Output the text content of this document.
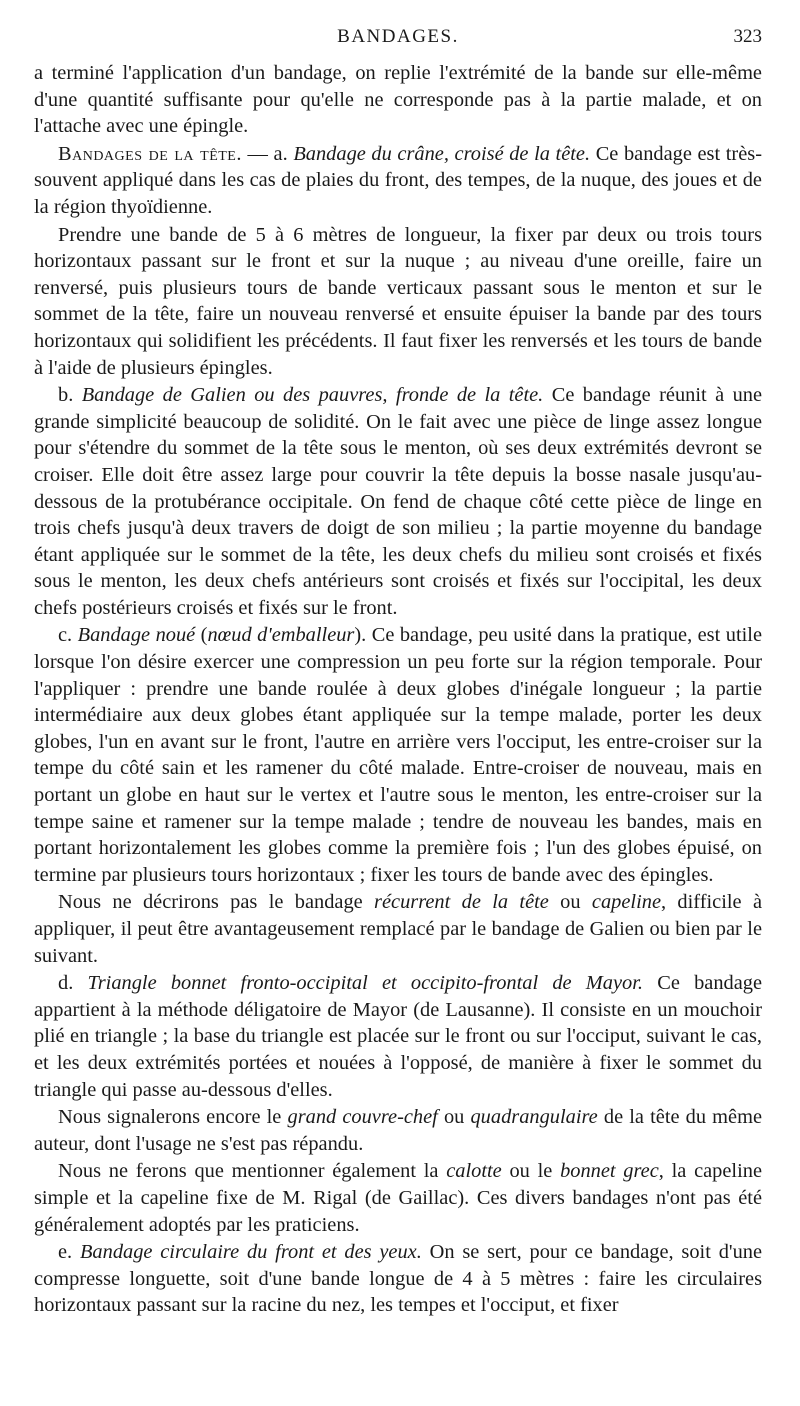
BANDAGES.	323

a terminé l'application d'un bandage, on replie l'extrémité de la bande sur elle-même d'une quantité suffisante pour qu'elle ne corresponde pas à la partie malade, et on l'attache avec une épingle.

Bandages de la tête. — a. Bandage du crâne, croisé de la tête. Ce bandage est très-souvent appliqué dans les cas de plaies du front, des tempes, de la nuque, des joues et de la région thyoïdienne.

Prendre une bande de 5 à 6 mètres de longueur, la fixer par deux ou trois tours horizontaux passant sur le front et sur la nuque ; au niveau d'une oreille, faire un renversé, puis plusieurs tours de bande verticaux passant sous le menton et sur le sommet de la tête, faire un nouveau renversé et ensuite épuiser la bande par des tours horizontaux qui solidifient les précédents. Il faut fixer les renversés et les tours de bande à l'aide de plusieurs épingles.

b. Bandage de Galien ou des pauvres, fronde de la tête. Ce bandage réunit à une grande simplicité beaucoup de solidité. On le fait avec une pièce de linge assez longue pour s'étendre du sommet de la tête sous le menton, où ses deux extrémités devront se croiser. Elle doit être assez large pour couvrir la tête depuis la bosse nasale jusqu'au-dessous de la protubérance occipitale. On fend de chaque côté cette pièce de linge en trois chefs jusqu'à deux travers de doigt de son milieu ; la partie moyenne du bandage étant appliquée sur le sommet de la tête, les deux chefs du milieu sont croisés et fixés sous le menton, les deux chefs antérieurs sont croisés et fixés sur l'occipital, les deux chefs postérieurs croisés et fixés sur le front.

c. Bandage noué (nœud d'emballeur). Ce bandage, peu usité dans la pratique, est utile lorsque l'on désire exercer une compression un peu forte sur la région temporale. Pour l'appliquer : prendre une bande roulée à deux globes d'inégale longueur ; la partie intermédiaire aux deux globes étant appliquée sur la tempe malade, porter les deux globes, l'un en avant sur le front, l'autre en arrière vers l'occiput, les entre-croiser sur la tempe du côté sain et les ramener du côté malade. Entre-croiser de nouveau, mais en portant un globe en haut sur le vertex et l'autre sous le menton, les entre-croiser sur la tempe saine et ramener sur la tempe malade ; tendre de nouveau les bandes, mais en portant horizontalement les globes comme la première fois ; l'un des globes épuisé, on termine par plusieurs tours horizontaux ; fixer les tours de bande avec des épingles.

Nous ne décrirons pas le bandage récurrent de la tête ou capeline, difficile à appliquer, il peut être avantageusement remplacé par le bandage de Galien ou bien par le suivant.

d. Triangle bonnet fronto-occipital et occipito-frontal de Mayor. Ce bandage appartient à la méthode déligatoire de Mayor (de Lausanne). Il consiste en un mouchoir plié en triangle ; la base du triangle est placée sur le front ou sur l'occiput, suivant le cas, et les deux extrémités portées et nouées à l'opposé, de manière à fixer le sommet du triangle qui passe au-dessous d'elles.

Nous signalerons encore le grand couvre-chef ou quadrangulaire de la tête du même auteur, dont l'usage ne s'est pas répandu.

Nous ne ferons que mentionner également la calotte ou le bonnet grec, la capeline simple et la capeline fixe de M. Rigal (de Gaillac). Ces divers bandages n'ont pas été généralement adoptés par les praticiens.

e. Bandage circulaire du front et des yeux. On se sert, pour ce bandage, soit d'une compresse longuette, soit d'une bande longue de 4 à 5 mètres : faire les circulaires horizontaux passant sur la racine du nez, les tempes et l'occiput, et fixer
